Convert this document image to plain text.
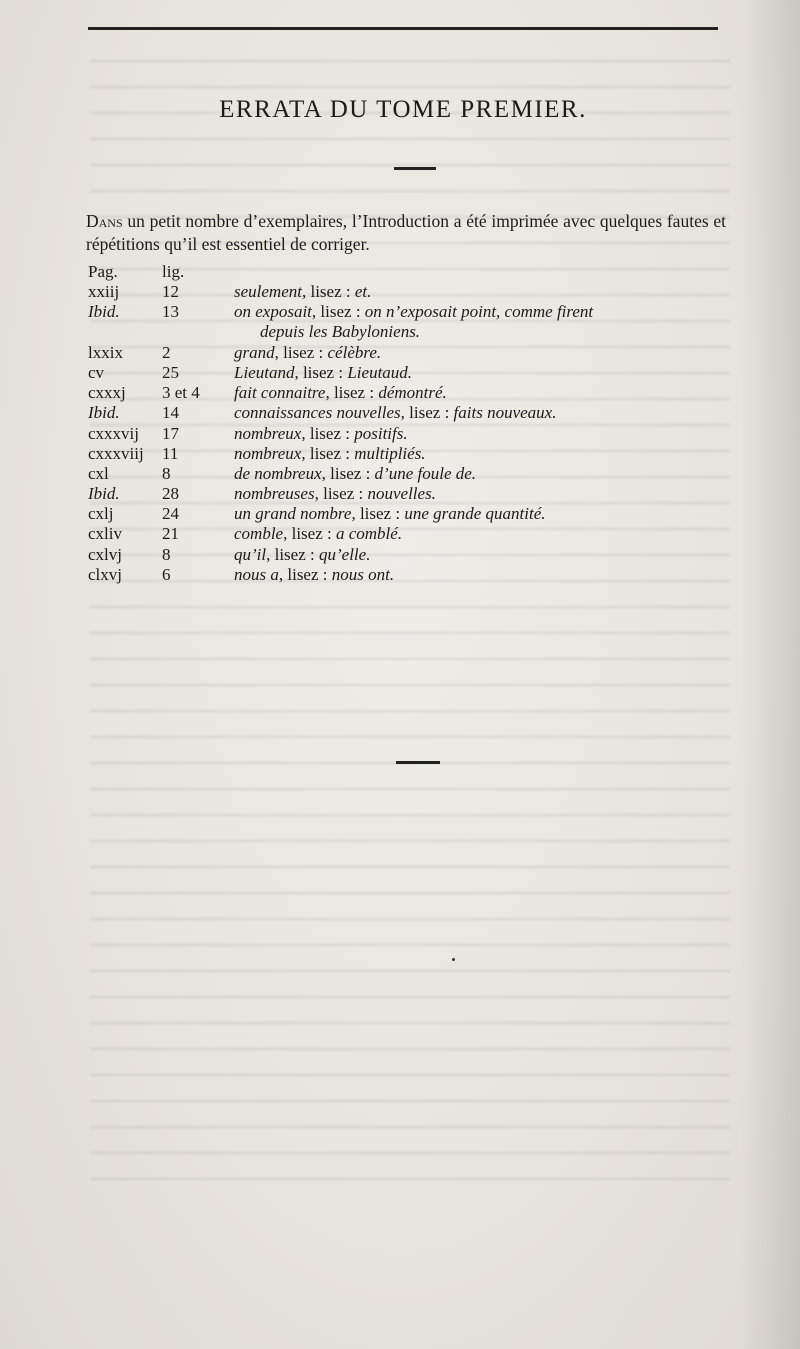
ERRATA DU TOME PREMIER.
Dans un petit nombre d’exemplaires, l’Introduction a été imprimée avec quelques fautes et répétitions qu’il est essentiel de corriger.
Pag.	lig.
xxiij	12	seulement, lisez : et.
Ibid.	13	on exposait, lisez : on n’exposait point, comme firent
depuis les Babyloniens.
lxxix	2	grand, lisez : célèbre.
cv	25	Lieutand, lisez : Lieutaud.
cxxxj	3 et 4	fait connaitre, lisez : démontré.
Ibid.	14	connaissances nouvelles, lisez : faits nouveaux.
cxxxvij	17	nombreux, lisez : positifs.
cxxxviij	11	nombreux, lisez : multipliés.
cxl	8	de nombreux, lisez : d’une foule de.
Ibid.	28	nombreuses, lisez : nouvelles.
cxlj	24	un grand nombre, lisez : une grande quantité.
cxliv	21	comble, lisez : a comblé.
cxlvj	8	qu’il, lisez : qu’elle.
clxvj	6	nous a, lisez : nous ont.
